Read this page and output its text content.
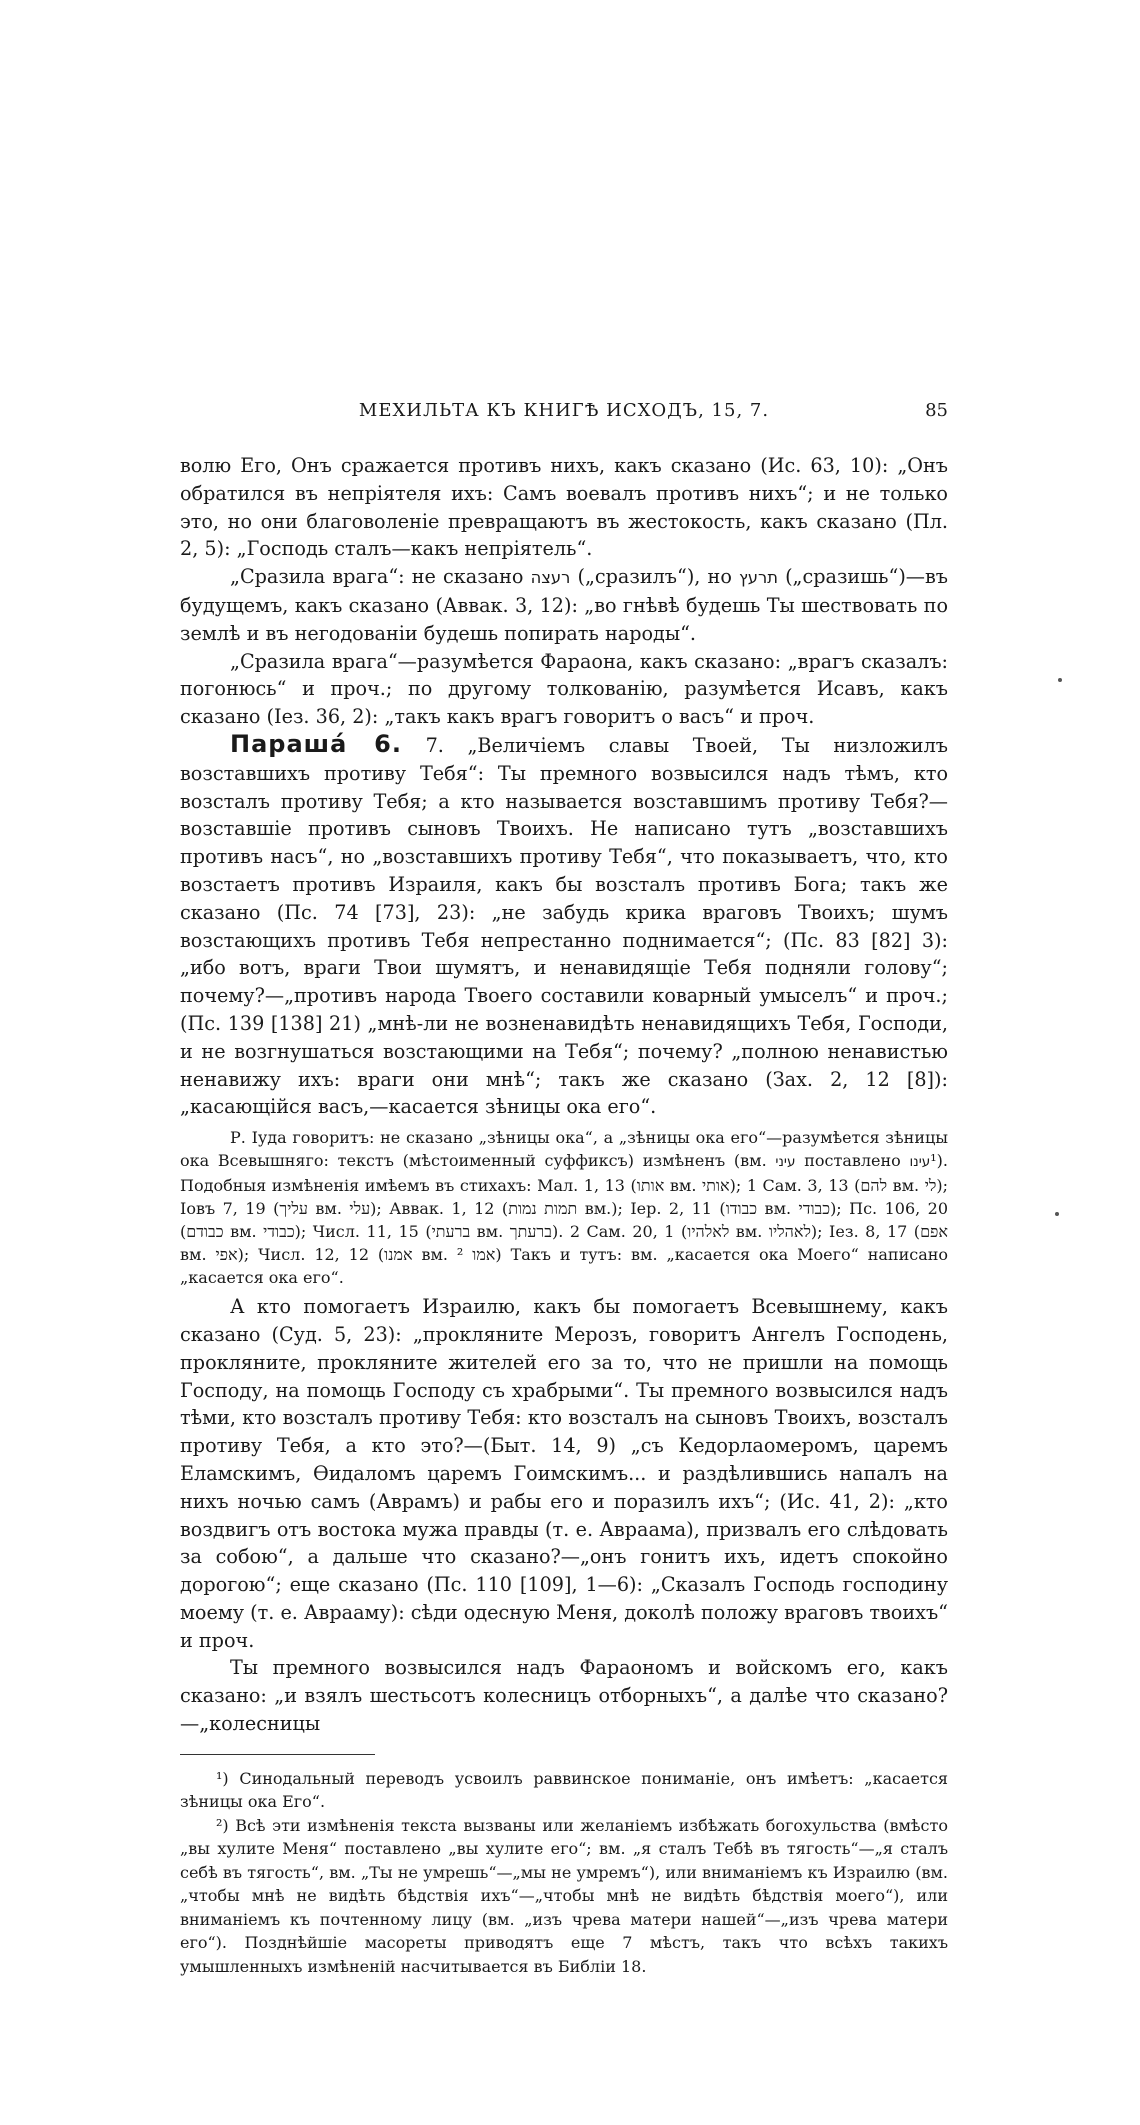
МЕХИЛЬТА КЪ КНИГѢ ИСХОДЪ, 15, 7.	85

волю Его, Онъ сражается противъ нихъ, какъ сказано (Ис. 63, 10): „Онъ обратился въ непріятеля ихъ: Самъ воевалъ противъ нихъ“; и не только это, но они благоволеніе превращаютъ въ жестокость, какъ сказано (Пл. 2, 5): „Господь сталъ—какъ непріятель“.

„Сразила врага“: не сказано רעצה („сразилъ“), но תרעץ („сразишь“)—въ будущемъ, какъ сказано (Аввак. 3, 12): „во гнѣвѣ будешь Ты шествовать по землѣ и въ негодованіи будешь попирать народы“.

„Сразила врага“—разумѣется Фараона, какъ сказано: „врагъ сказалъ: погонюсь“ и проч.; по другому толкованію, разумѣется Исавъ, какъ сказано (Іез. 36, 2): „такъ какъ врагъ говоритъ о васъ“ и проч.

Параша́ 6. 7. „Величіемъ славы Твоей, Ты низложилъ возставшихъ противу Тебя“: Ты премного возвысился надъ тѣмъ, кто возсталъ противу Тебя; а кто называется возставшимъ противу Тебя?—возставшіе противъ сыновъ Твоихъ. Не написано тутъ „возставшихъ противъ насъ“, но „возставшихъ противу Тебя“, что показываетъ, что, кто возстаетъ противъ Израиля, какъ бы возсталъ противъ Бога; такъ же сказано (Пс. 74 [73], 23): „не забудь крика враговъ Твоихъ; шумъ возстающихъ противъ Тебя непрестанно поднимается“; (Пс. 83 [82] 3): „ибо вотъ, враги Твои шумятъ, и ненавидящіе Тебя подняли голову“; почему?—„противъ народа Твоего составили коварный умыселъ“ и проч.; (Пс. 139 [138] 21) „мнѣ-ли не возненавидѣть ненавидящихъ Тебя, Господи, и не возгнушаться возстающими на Тебя“; почему? „полною ненавистью ненавижу ихъ: враги они мнѣ“; такъ же сказано (Зах. 2, 12 [8]): „касающійся васъ,—касается зѣницы ока его“.

Р. Іуда говоритъ: не сказано „зѣницы ока“, а „зѣницы ока его“—разумѣется зѣницы ока Всевышняго: текстъ (мѣстоименный суффиксъ) измѣненъ (вм. עיני поставлено עינו¹). Подобныя измѣненія имѣемъ въ стихахъ: Мал. 1, 13 (אותו вм. אותי); 1 Сам. 3, 13 (להם вм. לי); Іовъ 7, 19 (עליך вм. עלי); Аввак. 1, 12 (תמות נמות вм.); Іер. 2, 11 (כבודו вм. כבודי); Пс. 106, 20 (כבודם вм. כבודי); Числ. 11, 15 (ברעתי вм. ברעתך). 2 Сам. 20, 1 (לאלהיו вм. לאהליו); Іез. 8, 17 (אפם вм. אפי); Числ. 12, 12 (אמנו вм. אמו ²) Такъ и тутъ: вм. „касается ока Моего“ написано „касается ока его“.

А кто помогаетъ Израилю, какъ бы помогаетъ Всевышнему, какъ сказано (Суд. 5, 23): „прокляните Мерозъ, говоритъ Ангелъ Господень, прокляните, прокляните жителей его за то, что не пришли на помощь Господу, на помощь Господу съ храбрыми“. Ты премного возвысился надъ тѣми, кто возсталъ противу Тебя: кто возсталъ на сыновъ Твоихъ, возсталъ противу Тебя, а кто это?—(Быт. 14, 9) „съ Кедорлаомеромъ, царемъ Еламскимъ, Ѳидаломъ царемъ Гоимскимъ... и раздѣлившись напалъ на нихъ ночью самъ (Аврамъ) и рабы его и поразилъ ихъ“; (Ис. 41, 2): „кто воздвигъ отъ востока мужа правды (т. е. Авраама), призвалъ его слѣдовать за собою“, а дальше что сказано?—„онъ гонитъ ихъ, идетъ спокойно дорогою“; еще сказано (Пс. 110 [109], 1—6): „Сказалъ Господь господину моему (т. е. Аврааму): сѣди одесную Меня, доколѣ положу враговъ твоихъ“ и проч.

Ты премного возвысился надъ Фараономъ и войскомъ его, какъ сказано: „и взялъ шестьсотъ колесницъ отборныхъ“, а далѣе что сказано?—„колесницы

¹) Синодальный переводъ усвоилъ раввинское пониманіе, онъ имѣетъ: „касается зѣницы ока Его“.

²) Всѣ эти измѣненія текста вызваны или желаніемъ избѣжать богохульства (вмѣсто „вы хулите Меня“ поставлено „вы хулите его“; вм. „я сталъ Тебѣ въ тягость“—„я сталъ себѣ въ тягость“, вм. „Ты не умрешь“—„мы не умремъ“), или вниманіемъ къ Израилю (вм. „чтобы мнѣ не видѣть бѣдствія ихъ“—„чтобы мнѣ не видѣть бѣдствія моего“), или вниманіемъ къ почтенному лицу (вм. „изъ чрева матери нашей“—„изъ чрева матери его“). Позднѣйшіе масореты приводятъ еще 7 мѣстъ, такъ что всѣхъ такихъ умышленныхъ измѣненій насчитывается въ Библіи 18.
